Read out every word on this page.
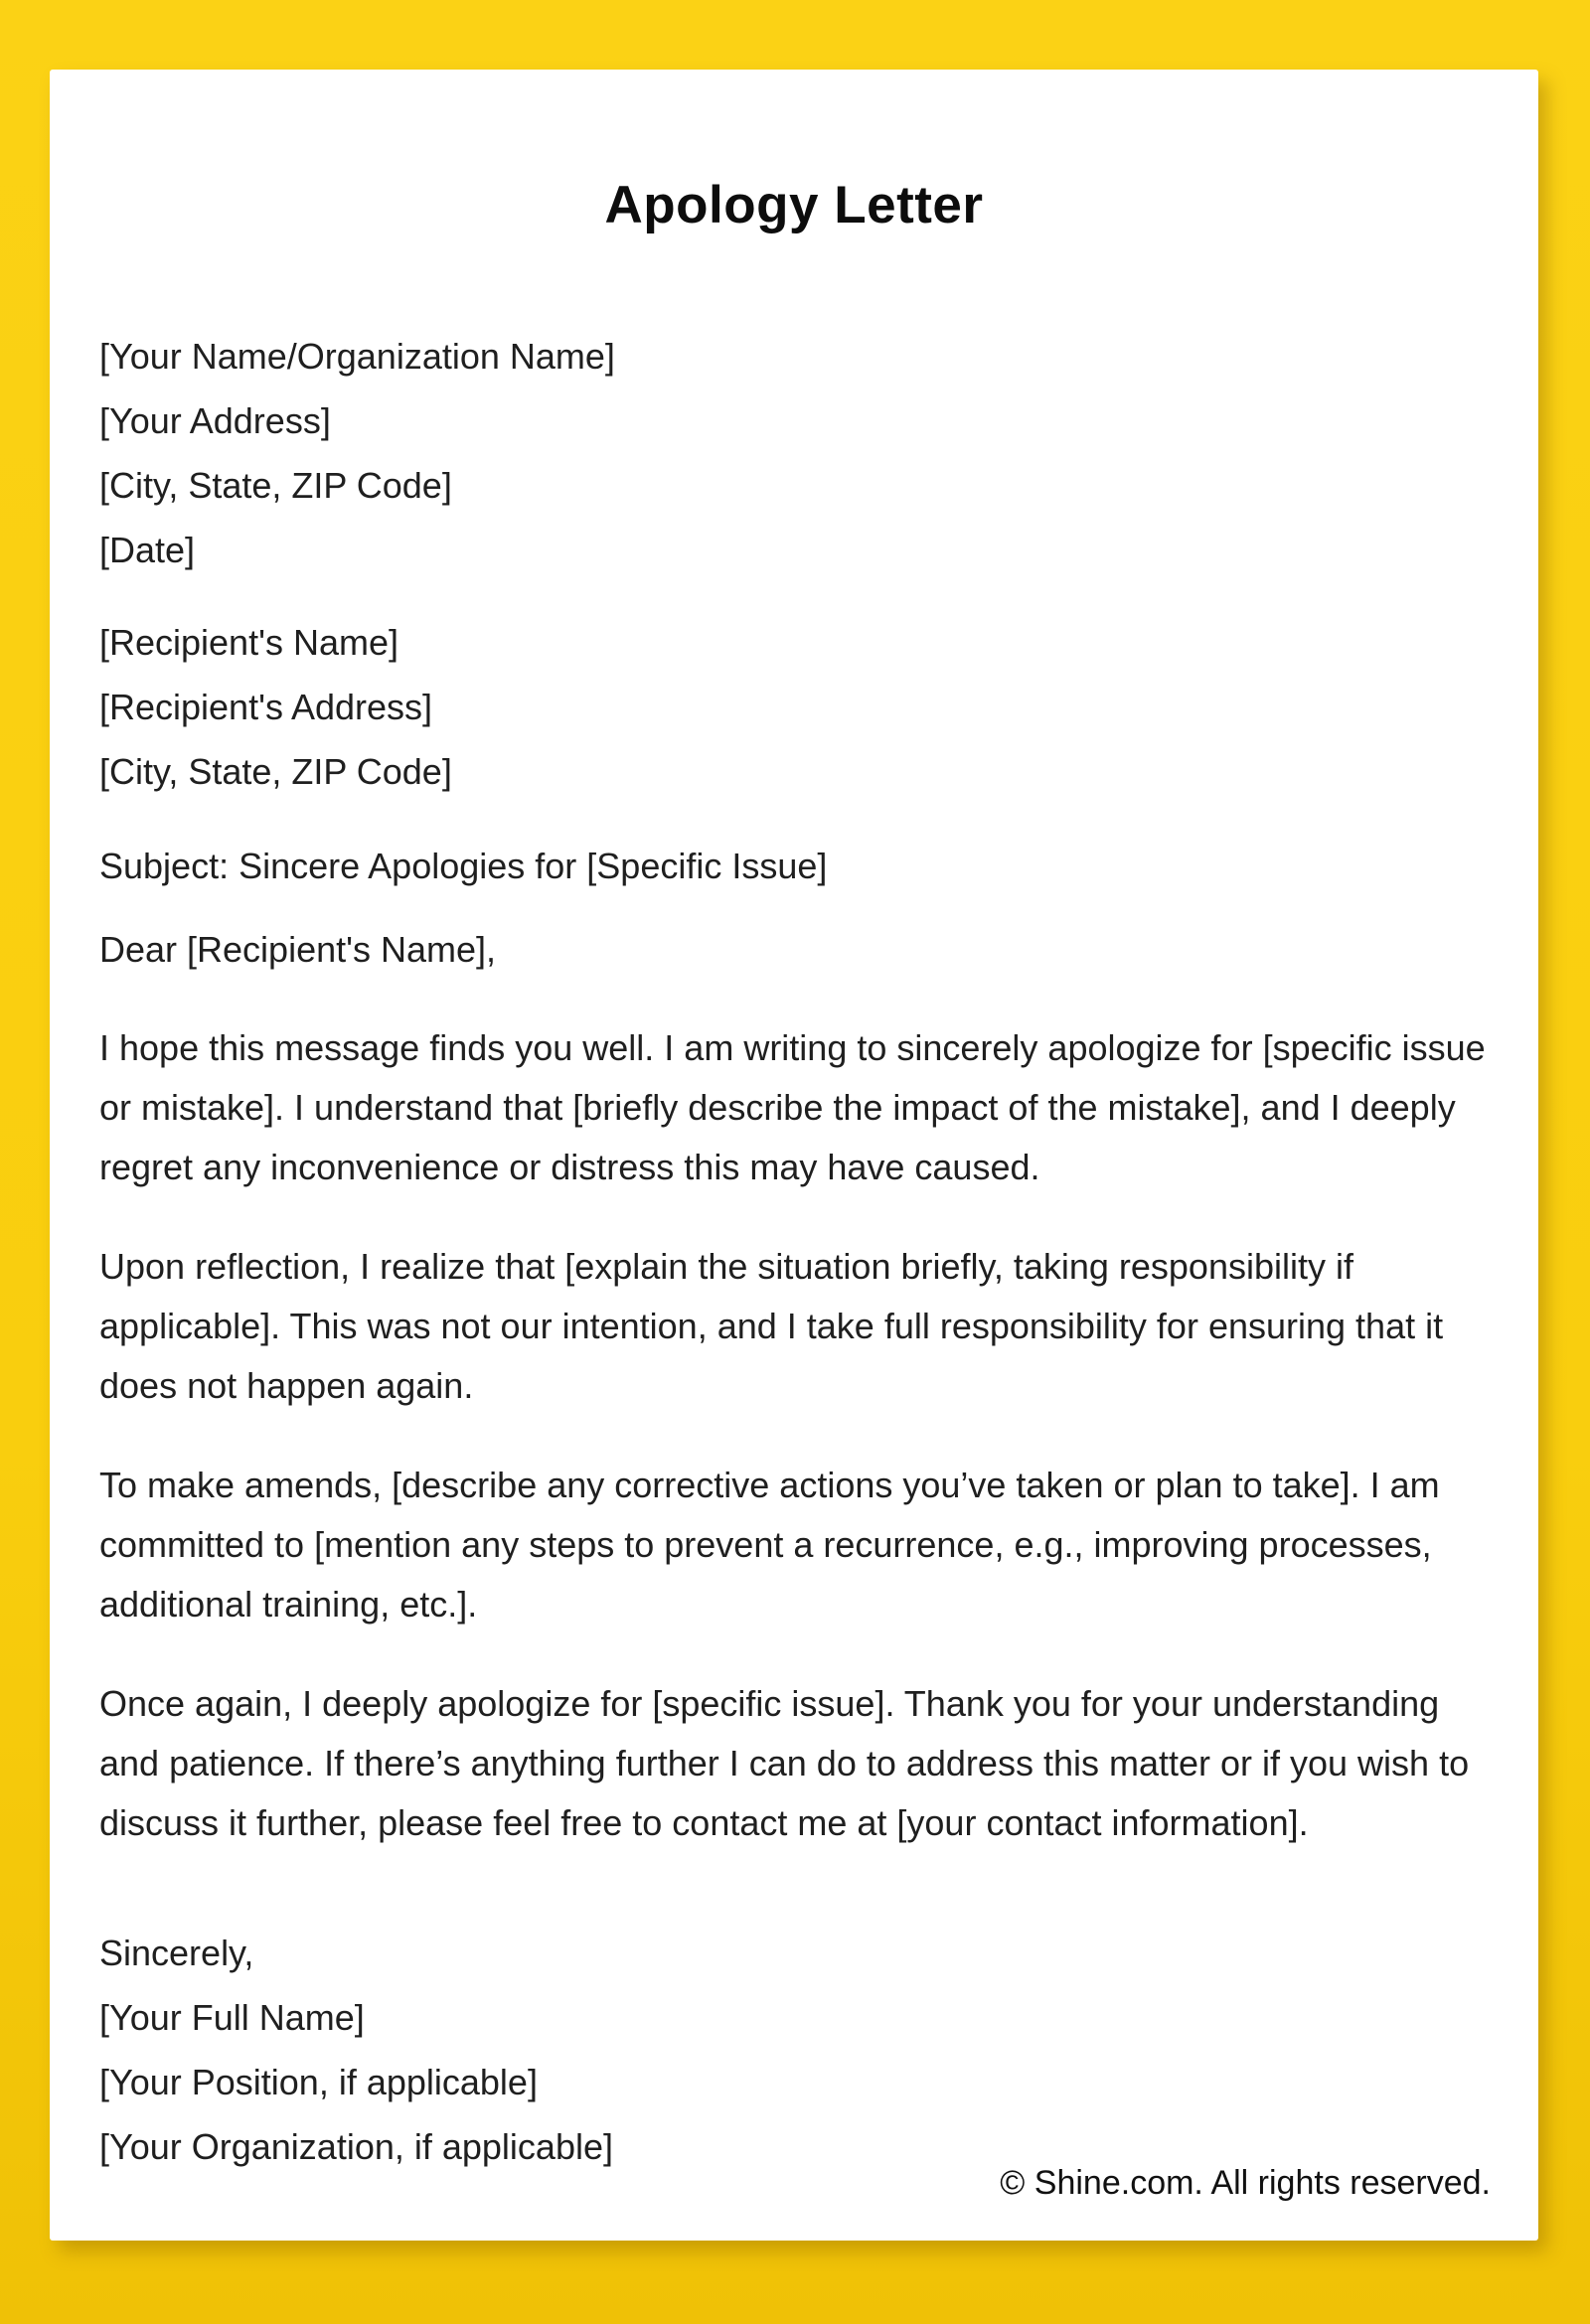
Apology Letter
[Your Name/Organization Name]
[Your Address]
[City, State, ZIP Code]
[Date]
[Recipient's Name]
[Recipient's Address]
[City, State, ZIP Code]
Subject: Sincere Apologies for [Specific Issue]
Dear [Recipient's Name],

I hope this message finds you well. I am writing to sincerely apologize for [specific issue or mistake]. I understand that [briefly describe the impact of the mistake], and I deeply regret any inconvenience or distress this may have caused.

Upon reflection, I realize that [explain the situation briefly, taking responsibility if applicable]. This was not our intention, and I take full responsibility for ensuring that it does not happen again.

To make amends, [describe any corrective actions you’ve taken or plan to take]. I am committed to [mention any steps to prevent a recurrence, e.g., improving processes, additional training, etc.].

Once again, I deeply apologize for [specific issue]. Thank you for your understanding and patience. If there’s anything further I can do to address this matter or if you wish to discuss it further, please feel free to contact me at [your contact information].

Sincerely,
[Your Full Name]
[Your Position, if applicable]
[Your Organization, if applicable]
© Shine.com. All rights reserved.
